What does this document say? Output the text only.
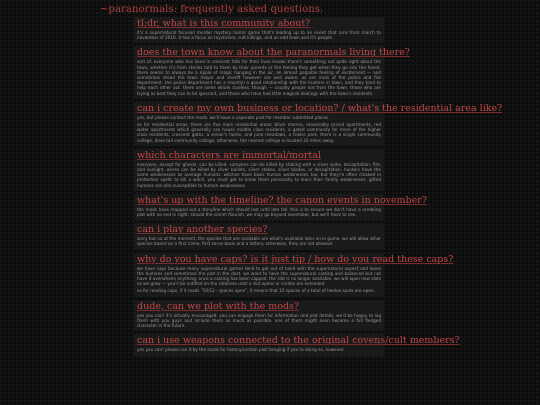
~paranormals: frequently asked questions.
tl;dr, what is this community about?

it's a supernatural focused murder mystery horror game that's leading up to an event that runs from march to november of 2016. it has a focus on mysticism, cult killings, and an odd town and it's people.

does the town know about the paranormals living there?

sort of. everyone who has lived in crescent falls for their lives knows there's something not quite right about the town, whether it's from stories told to them by their parents or the feeling they get when they go into the forest. there seems to always be a ripple of magic hanging in the air, an almost palpable feeling of excitement — and sometimes dread the town mayor and sheriff however are well aware, as are most of the police and fire department. the police department has a (mostly) a good relationship with the hunters in town, and they tend to help each other out. there are some whole clueless, though — usually people not from the town, those who are trying as best they can to be ignorant, and those who have had little magical dealings with the town's residents.

can i create my own business or location? / what's the residential area like?

yes, but please contact the mods. we'll have a seperate post for member submitted places.

as for residential areas, there are five main residential areas: black marina, reasonably priced apartments, red water apartments which generally can house middle class residents, a gated community for more of the higher class residents, crescent gates, a senior's home, and june meadows, a trailer park. there is a single community college, dove tail community college; otherwise, the nearest college is located 30 miles away.

which characters are immortal/mortal

everyone, except for ghosts, can be killed. vampires can be killed by staking with a silver spike, decapitation, fire, and sunlight. weres can be killed by silver bullets, silver stakes, silver blades, or decapitation. hunters have the same weaknesses as average humans. witches have basic human weaknesses too, but they're often cloaked in protection spells to kill a witch, you must get to know them personally to learn their family weaknesses. gifted humans are also susceptible to human weaknesses.

what's up with the timeline? the canon events in november?

the mods have mapped out a storyline which should last until late fall. this is to ensure we don't have a rambling plot with no end in sight. should the comm flourish, we may go beyond november, but we'll have to see.

can i play another species?

sorry but no at the moment, the species that are available are what's available later on in game, we will allow other species based on a first come, first serve basis and a lottery. otherwise, they are not allowed.

why do you have caps? is it just tip / how do you read these caps?

we have caps because many supernatural games tend to get out of hand with the supernatural aspect and leave the humans and sometimes the plot in the dust. we want to have the supernatural casting and balanced but not have it overwhelm anything. once a casting has been capped, the slot is no longer available. we will open new slots as we grow — you'll be notified on the sidelines until a slot opens or invites are extended.

as for reading caps, if it reads "10/12 - spaces open", it means that 10 spaces of a total of twelve spots are open.

dude, can we plot with the mods?

yes you can! it's actually encouraged. you can engage them for information and plot details. we'd be happy to log them with you guys and include them as much as possible. one of them might even become a full fledged character in the future.

can i use weapons connected to the original covens/cult members?

yes you can! please run it by the mods for history/certain plot hanging if you're doing so, however.
